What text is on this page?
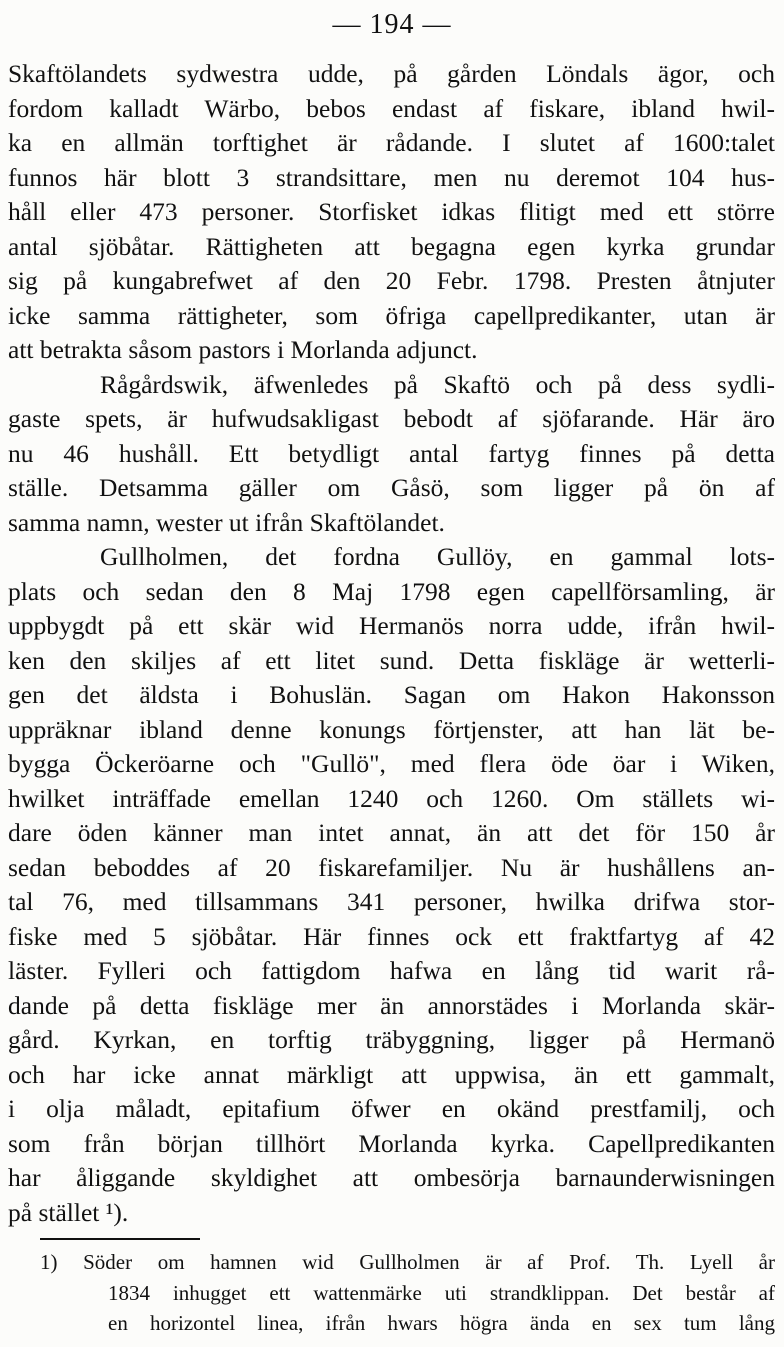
— 194 —
Skaftölandets sydwestra udde, på gården Löndals ägor, och
fordom kalladt Wärbo, bebos endast af fiskare, ibland hwil-
ka en allmän torftighet är rådande. I slutet af 1600:talet
funnos här blott 3 strandsittare, men nu deremot 104 hus-
håll eller 473 personer. Storfisket idkas flitigt med ett större
antal sjöbåtar. Rättigheten att begagna egen kyrka grundar
sig på kungabrefwet af den 20 Febr. 1798. Presten åtnjuter
icke samma rättigheter, som öfriga capellpredikanter, utan är
att betrakta såsom pastors i Morlanda adjunct.
Rågårdswik, äfwenledes på Skaftö och på dess sydli-
gaste spets, är hufwudsakligast bebodt af sjöfarande. Här äro
nu 46 hushåll. Ett betydligt antal fartyg finnes på detta
ställe. Detsamma gäller om Gåsö, som ligger på ön af
samma namn, wester ut ifrån Skaftölandet.
Gullholmen, det fordna Gullöy, en gammal lots-
plats och sedan den 8 Maj 1798 egen capellförsamling, är
uppbygdt på ett skär wid Hermanös norra udde, ifrån hwil-
ken den skiljes af ett litet sund. Detta fiskläge är wetterli-
gen det äldsta i Bohuslän. Sagan om Hakon Hakonsson
uppräknar ibland denne konungs förtjenster, att han lät be-
bygga Öckeröarne och "Gullö", med flera öde öar i Wiken,
hwilket inträffade emellan 1240 och 1260. Om ställets wi-
dare öden känner man intet annat, än att det för 150 år
sedan beboddes af 20 fiskarefamiljer. Nu är hushållens an-
tal 76, med tillsammans 341 personer, hwilka drifwa stor-
fiske med 5 sjöbåtar. Här finnes ock ett fraktfartyg af 42
läster. Fylleri och fattigdom hafwa en lång tid warit rå-
dande på detta fiskläge mer än annorstädes i Morlanda skär-
gård. Kyrkan, en torftig träbyggning, ligger på Hermanö
och har icke annat märkligt att uppwisa, än ett gammalt,
i olja måladt, epitafium öfwer en okänd prestfamilj, och
som från början tillhört Morlanda kyrka. Capellpredikanten
har åliggande skyldighet att ombesörja barnaunderwisningen
på stället ¹).
1) Söder om hamnen wid Gullholmen är af Prof. Th. Lyell år
1834 inhugget ett wattenmärke uti strandklippan. Det består af
en horizontel linea, ifrån hwars högra ända en sex tum lång
